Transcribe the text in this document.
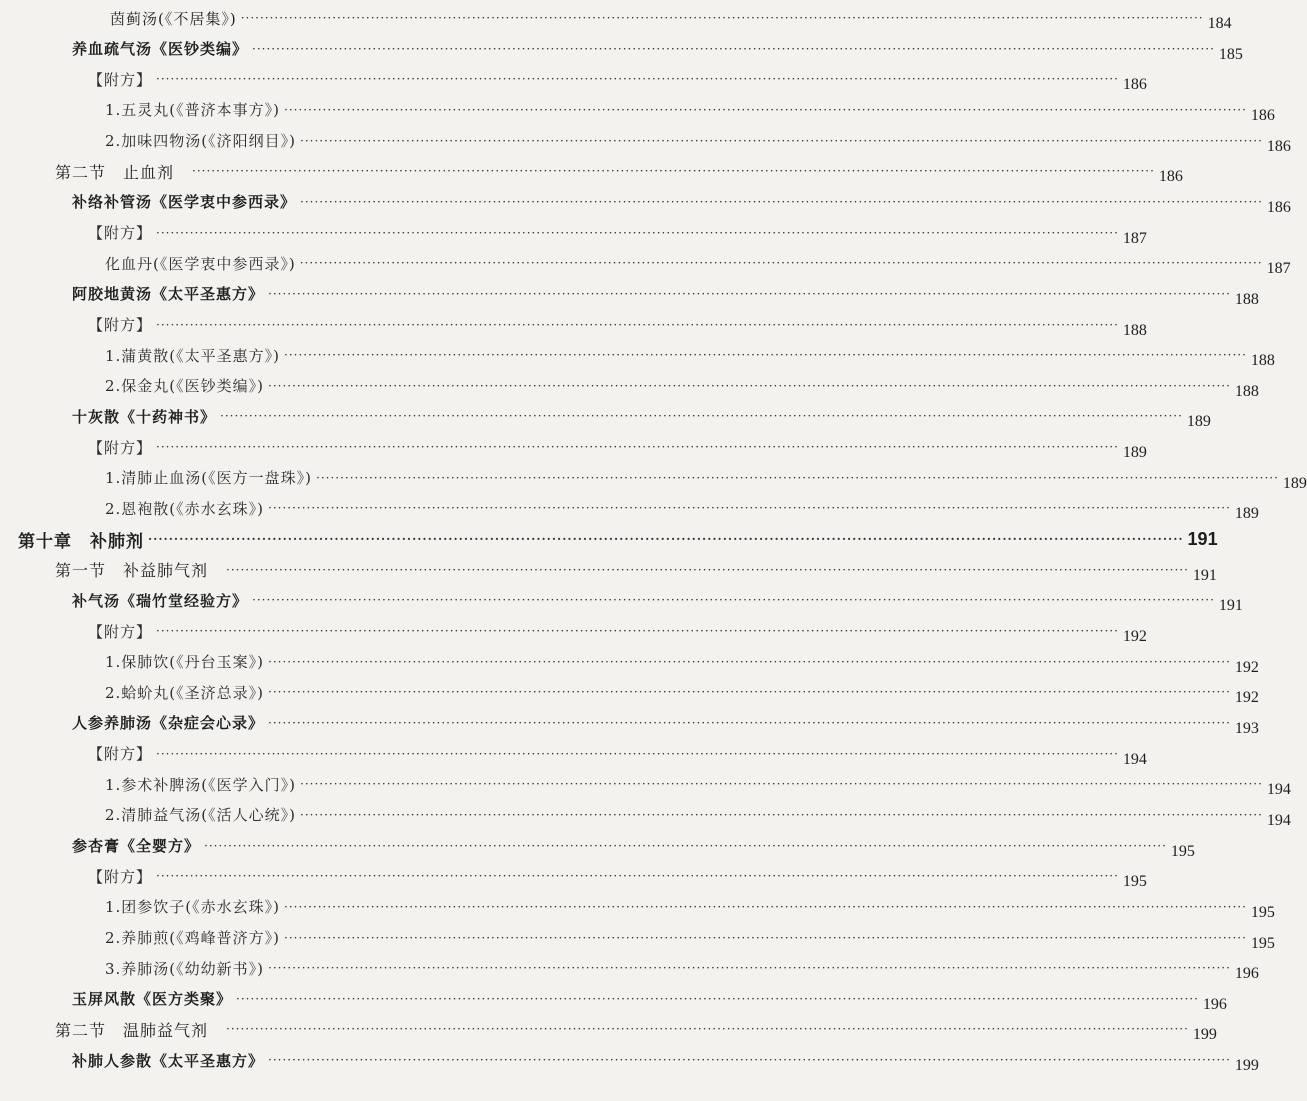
茵蓟汤(《不居集》) ········································································································································································································ 184
养血疏气汤《医钞类编》 ········································································································································································································ 185
【附方】 ········································································································································································································ 186
1.五灵丸(《普济本事方》) ········································································································································································································ 186
2.加味四物汤(《济阳纲目》) ········································································································································································································ 186
第二节　止血剂 ········································································································································································································ 186
补络补管汤《医学衷中参西录》 ········································································································································································································ 186
【附方】 ········································································································································································································ 187
化血丹(《医学衷中参西录》) ········································································································································································································ 187
阿胶地黄汤《太平圣惠方》 ········································································································································································································ 188
【附方】 ········································································································································································································ 188
1.蒲黄散(《太平圣惠方》) ········································································································································································································ 188
2.保金丸(《医钞类编》) ········································································································································································································ 188
十灰散《十药神书》 ········································································································································································································ 189
【附方】 ········································································································································································································ 189
1.清肺止血汤(《医方一盘珠》) ········································································································································································································ 189
2.恩袍散(《赤水玄珠》) ········································································································································································································ 189
第十章　补肺剂 ········································································································································································································ 191
第一节　补益肺气剂 ········································································································································································································ 191
补气汤《瑞竹堂经验方》 ········································································································································································································ 191
【附方】 ········································································································································································································ 192
1.保肺饮(《丹台玉案》) ········································································································································································································ 192
2.蛤蚧丸(《圣济总录》) ········································································································································································································ 192
人参养肺汤《杂症会心录》 ········································································································································································································ 193
【附方】 ········································································································································································································ 194
1.参术补脾汤(《医学入门》) ········································································································································································································ 194
2.清肺益气汤(《活人心统》) ········································································································································································································ 194
参杏膏《全婴方》 ········································································································································································································ 195
【附方】 ········································································································································································································ 195
1.团参饮子(《赤水玄珠》) ········································································································································································································ 195
2.养肺煎(《鸡峰普济方》) ········································································································································································································ 195
3.养肺汤(《幼幼新书》) ········································································································································································································ 196
玉屏风散《医方类聚》 ········································································································································································································ 196
第二节　温肺益气剂 ········································································································································································································ 199
补肺人参散《太平圣惠方》 ········································································································································································································ 199
